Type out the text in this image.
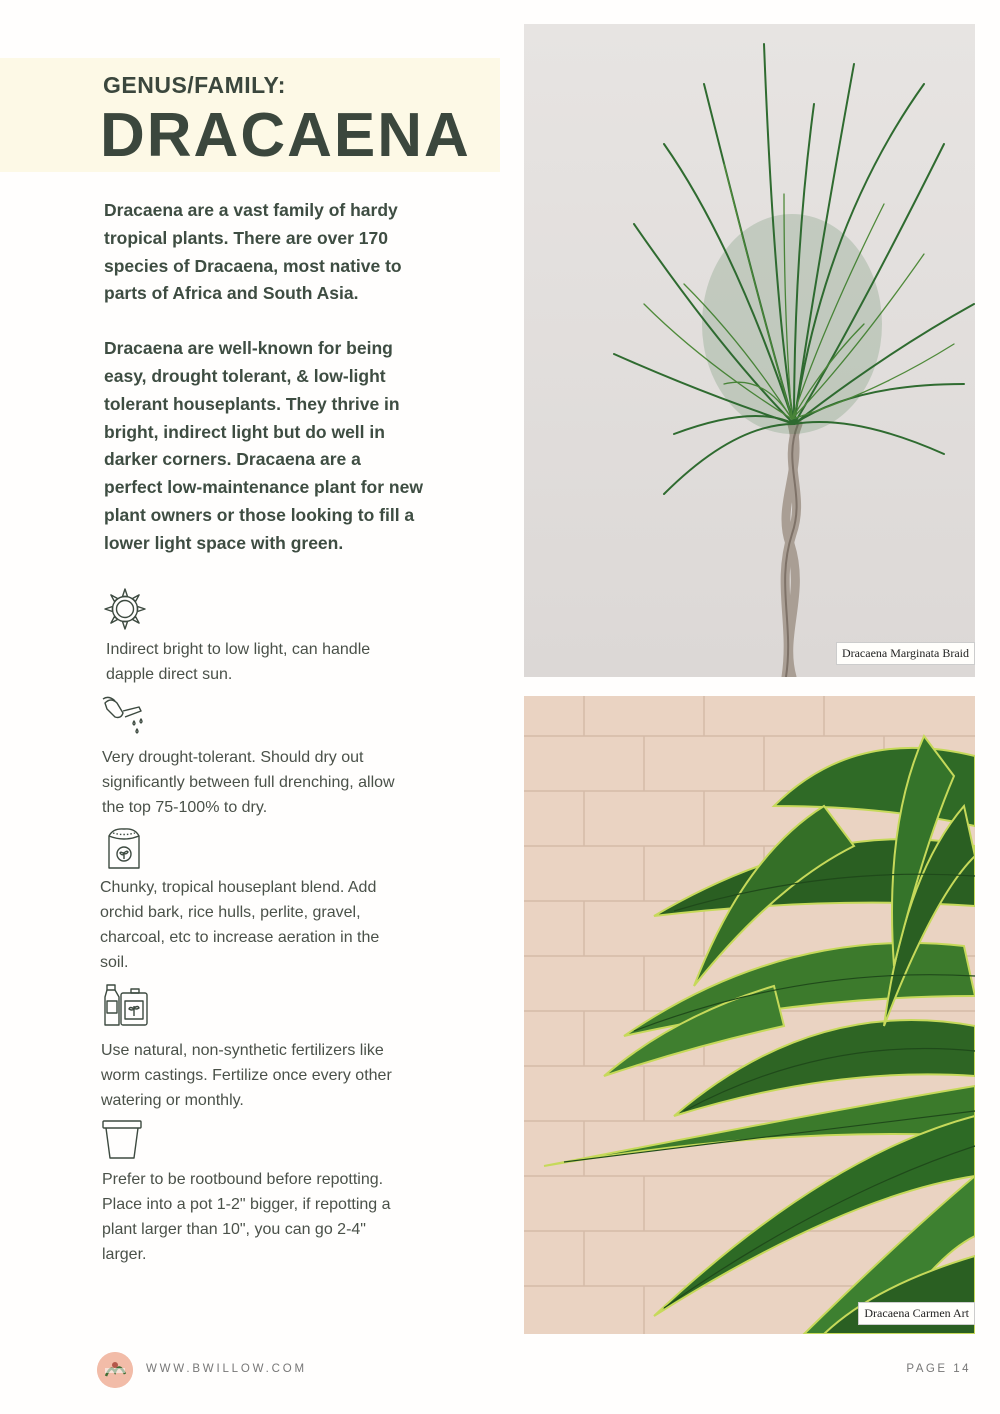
GENUS/FAMILY:
DRACAENA

Dracaena are a vast family of hardy tropical plants. There are over 170 species of Dracaena, most native to parts of Africa and South Asia.

Dracaena are well-known for being easy, drought tolerant, & low-light tolerant houseplants. They thrive in bright, indirect light but do well in darker corners. Dracaena are a perfect low-maintenance plant for new plant owners or those looking to fill a lower light space with green.

Indirect bright to low light, can handle dapple direct sun.
Very drought-tolerant. Should dry out significantly between full drenching, allow the top 75-100% to dry.
Chunky, tropical houseplant blend. Add orchid bark, rice hulls, perlite, gravel, charcoal, etc to increase aeration in the soil.
Use natural, non-synthetic fertilizers like worm castings. Fertilize once every other watering or monthly.
Prefer to be rootbound before repotting. Place into a pot 1-2" bigger, if repotting a plant larger than 10", you can go 2-4" larger.
Dracaena Marginata Braid
Dracaena Carmen Art
WWW.BWILLOW.COM	PAGE 14
